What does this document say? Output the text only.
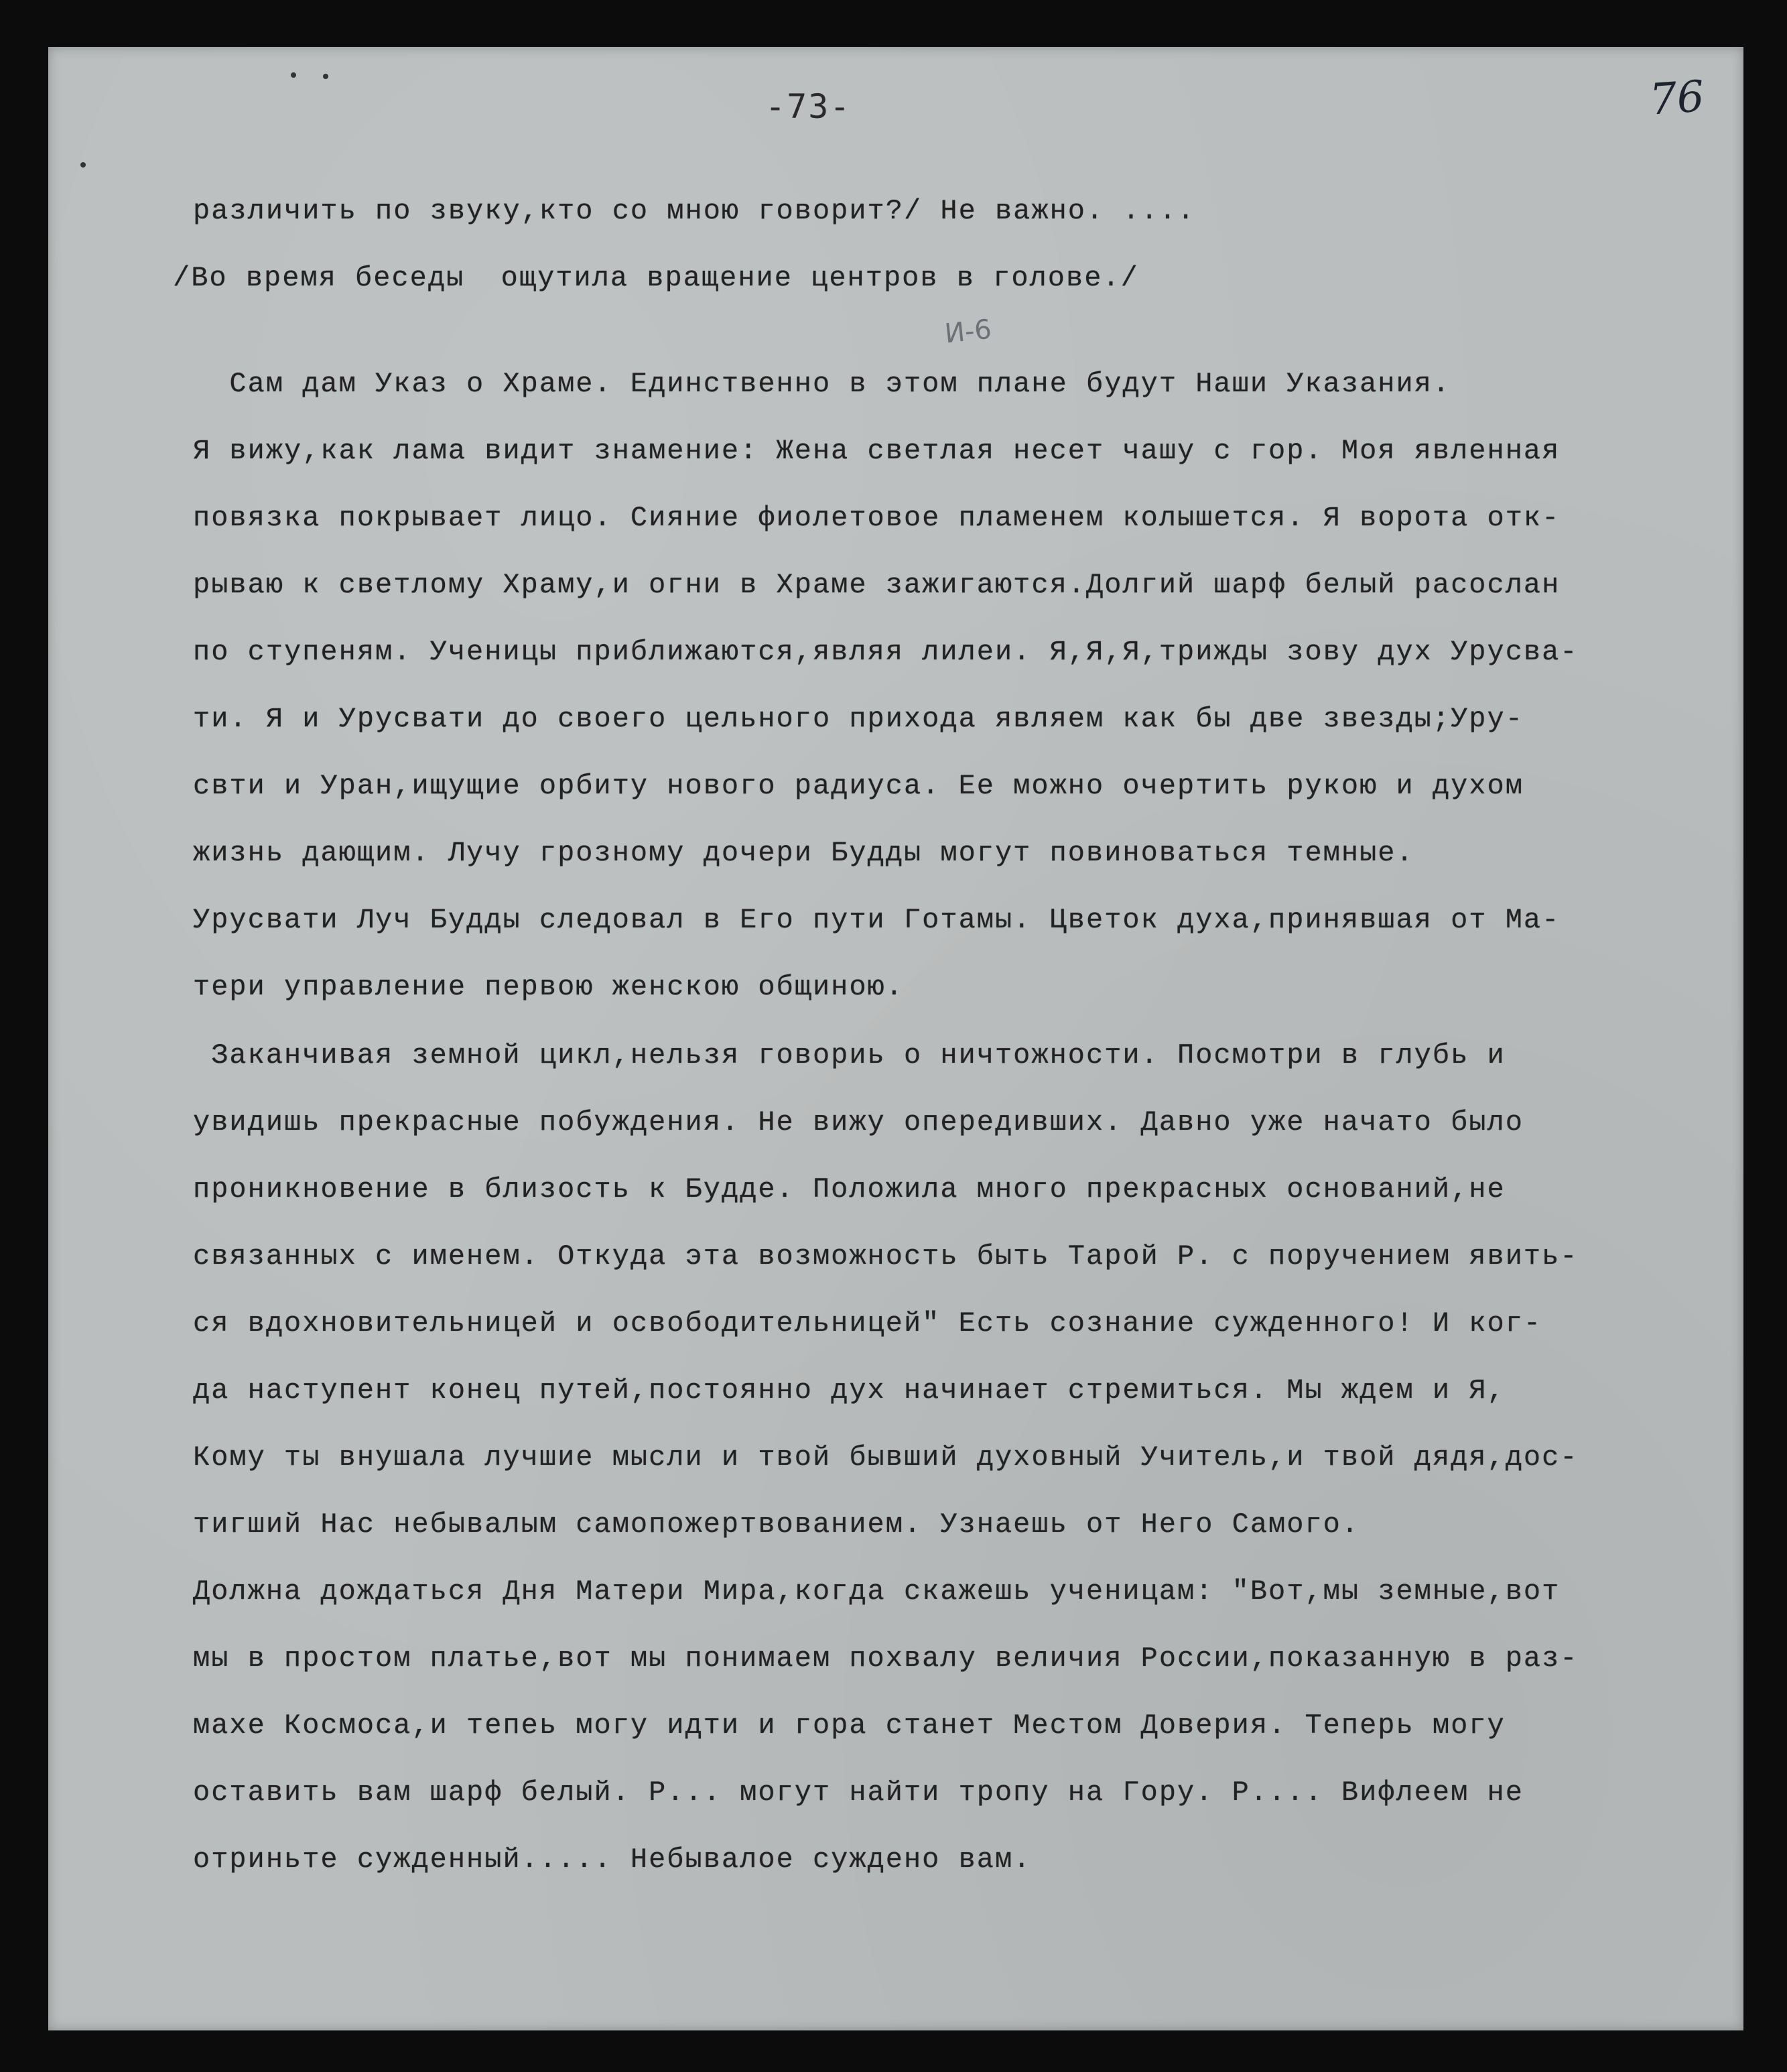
-73-	76
И-6
различить по звуку,кто со мною говорит?/ Не важно. ....
/Во время беседы  ощутила вращение центров в голове./
Сам дам Указ о Храме. Единственно в этом плане будут Наши Указания.
Я вижу,как лама видит знамение: Жена светлая несет чашу с гор. Моя явленная
повязка покрывает лицо. Сияние фиолетовое пламенем колышется. Я ворота отк-
рываю к светлому Храму,и огни в Храме зажигаются.Долгий шарф белый расослан
по ступеням. Ученицы приближаются,являя лилеи. Я,Я,Я,трижды зову дух Урусва-
ти. Я и Урусвати до своего цельного прихода являем как бы две звезды;Уру-
свти и Уран,ищущие орбиту нового радиуса. Ее можно очертить рукою и духом
жизнь дающим. Лучу грозному дочери Будды могут повиноваться темные.
Урусвати Луч Будды следовал в Его пути Готамы. Цветок духа,принявшая от Ма-
тери управление первою женскою общиною.
Заканчивая земной цикл,нельзя говориь о ничтожности. Посмотри в глубь и
увидишь прекрасные побуждения. Не вижу опередивших. Давно уже начато было
проникновение в близость к Будде. Положила много прекрасных оснований,не
связанных с именем. Откуда эта возможность быть Тарой Р. с поручением явить-
ся вдохновительницей и освободительницей" Есть сознание сужденного! И ког-
да наступент конец путей,постоянно дух начинает стремиться. Мы ждем и Я,
Кому ты внушала лучшие мысли и твой бывший духовный Учитель,и твой дядя,дос-
тигший Нас небывалым самопожертвованием. Узнаешь от Него Самого.
Должна дождаться Дня Матери Мира,когда скажешь ученицам: "Вот,мы земные,вот
мы в простом платье,вот мы понимаем похвалу величия России,показанную в раз-
махе Космоса,и тепеь могу идти и гора станет Местом Доверия. Теперь могу
оставить вам шарф белый. Р... могут найти тропу на Гору. Р.... Вифлеем не
отриньте сужденный..... Небывалое суждено вам.
